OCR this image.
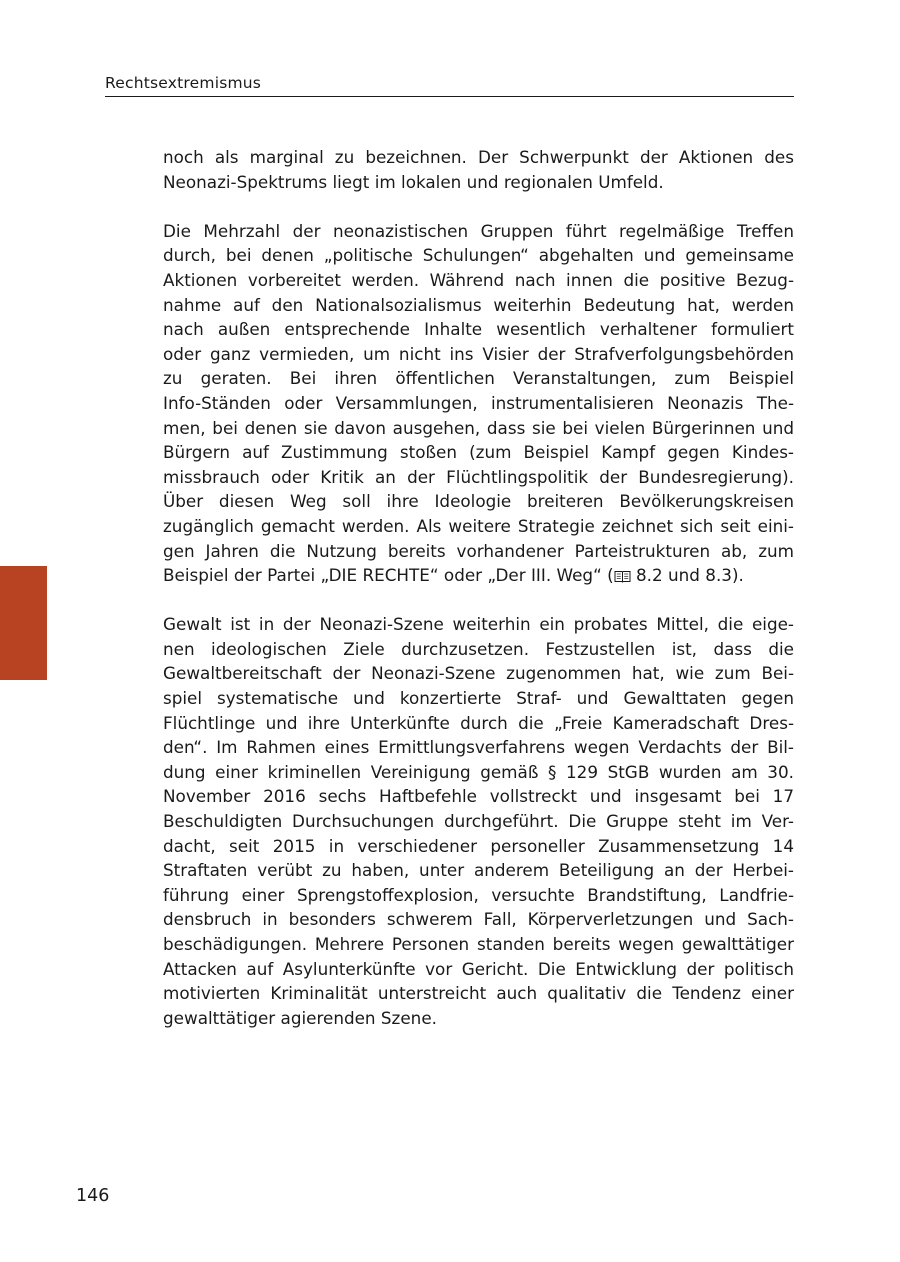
Rechtsextremismus
noch als marginal zu bezeichnen. Der Schwerpunkt der Aktionen des
Neonazi-Spektrums liegt im lokalen und regionalen Umfeld.
Die Mehrzahl der neonazistischen Gruppen führt regelmäßige Treffen
durch, bei denen „politische Schulungen“ abgehalten und gemeinsame
Aktionen vorbereitet werden. Während nach innen die positive Bezug-
nahme auf den Nationalsozialismus weiterhin Bedeutung hat, werden
nach außen entsprechende Inhalte wesentlich verhaltener formuliert
oder ganz vermieden, um nicht ins Visier der Strafverfolgungsbehörden
zu geraten. Bei ihren öffentlichen Veranstaltungen, zum Beispiel
Info-Ständen oder Versammlungen, instrumentalisieren Neonazis The-
men, bei denen sie davon ausgehen, dass sie bei vielen Bürgerinnen und
Bürgern auf Zustimmung stoßen (zum Beispiel Kampf gegen Kindes-
missbrauch oder Kritik an der Flüchtlingspolitik der Bundesregierung).
Über diesen Weg soll ihre Ideologie breiteren Bevölkerungskreisen
zugänglich gemacht werden. Als weitere Strategie zeichnet sich seit eini-
gen Jahren die Nutzung bereits vorhandener Parteistrukturen ab, zum
Beispiel der Partei „DIE RECHTE“ oder „Der III. Weg“ ( 8.2 und 8.3).
Gewalt ist in der Neonazi-Szene weiterhin ein probates Mittel, die eige-
nen ideologischen Ziele durchzusetzen. Festzustellen ist, dass die
Gewaltbereitschaft der Neonazi-Szene zugenommen hat, wie zum Bei-
spiel systematische und konzertierte Straf- und Gewalttaten gegen
Flüchtlinge und ihre Unterkünfte durch die „Freie Kameradschaft Dres-
den“. Im Rahmen eines Ermittlungsverfahrens wegen Verdachts der Bil-
dung einer kriminellen Vereinigung gemäß § 129 StGB wurden am 30.
November 2016 sechs Haftbefehle vollstreckt und insgesamt bei 17
Beschuldigten Durchsuchungen durchgeführt. Die Gruppe steht im Ver-
dacht, seit 2015 in verschiedener personeller Zusammensetzung 14
Straftaten verübt zu haben, unter anderem Beteiligung an der Herbei-
führung einer Sprengstoffexplosion, versuchte Brandstiftung, Landfrie-
densbruch in besonders schwerem Fall, Körperverletzungen und Sach-
beschädigungen. Mehrere Personen standen bereits wegen gewalttätiger
Attacken auf Asylunterkünfte vor Gericht. Die Entwicklung der politisch
motivierten Kriminalität unterstreicht auch qualitativ die Tendenz einer
gewalttätiger agierenden Szene.
146
